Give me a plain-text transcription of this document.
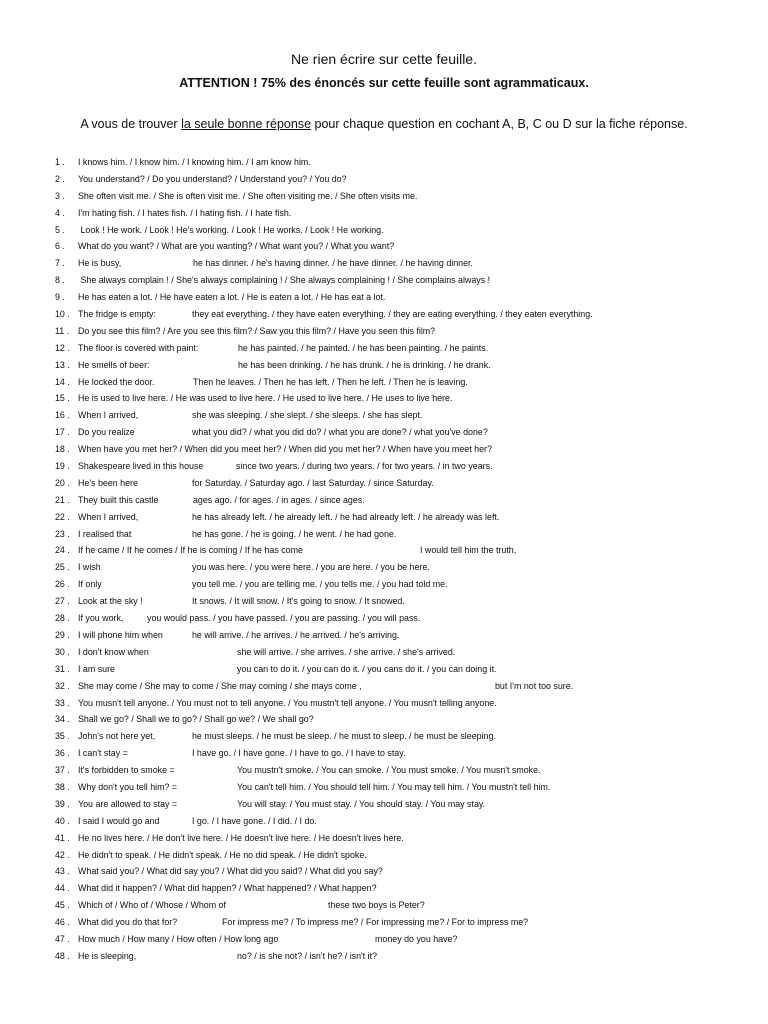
Ne rien écrire sur cette feuille.
ATTENTION ! 75% des énoncés sur cette feuille sont agrammaticaux.
A vous de trouver la seule bonne réponse pour chaque question en cochant A, B, C ou D sur la fiche réponse.
1 . I knows him. / I know him. / I knowing him. / I am know him.
2 . You understand? / Do you understand? / Understand you? / You do?
3 . She often visit me. / She is often visit me. / She often visiting me. / She often visits me.
4 . I'm hating fish. / I hates fish. / I hating fish. / I hate fish.
5 . Look ! He work. / Look ! He's working. / Look ! He works. / Look ! He working.
6 . What do you want? / What are you wanting? / What want you? / What you want?
7 . He is busy,	he has dinner. / he's having dinner. / he have dinner. / he having dinner.
8 . She always complain ! / She's always complaining ! / She always complaining ! / She complains always !
9 . He has eaten a lot. / He have eaten a lot. / He is eaten a lot. / He has eat a lot.
10 . The fridge is empty:	they eat everything. / they have eaten everything. / they are eating everything. / they eaten everything.
11 . Do you see this film? / Are you see this film? / Saw you this film? / Have you seen this film?
12 . The floor is covered with paint:	he has painted. / he painted. / he has been painting. / he paints.
13 . He smells of beer:	he has been drinking. / he has drunk. / he is drinking. / he drank.
14 . He locked the door.	Then he leaves. / Then he has left. / Then he left. / Then he is leaving.
15 . He is used to live here. / He was used to live here. / He used to live here. / He uses to live here.
16 . When I arrived,	she was sleeping. / she slept. / she sleeps. / she has slept.
17 . Do you realize	what you did? / what you did do? / what you are done? / what you've done?
18 . When have you met her? / When did you meet her? / When did you met her? / When have you meet her?
19 . Shakespeare lived in this house	since two years. / during two years. / for two years. / in two years.
20 . He's been here	for Saturday. / Saturday ago. / last Saturday. / since Saturday.
21 . They built this castle	ages ago. / for ages. / in ages. / since ages.
22 . When I arrived,	he has already left. / he already left. / he had already left. / he already was left.
23 . I realised that	he has gone. / he is going. / he went. / he had gone.
24 . If he came / If he comes / If he is coming / If he has come	I would tell him the truth,
25 . I wish	you was here. / you were here. / you are here. / you be here.
26 . If only	you tell me. / you are telling me. / you tells me. / you had told me.
27 . Look at the sky !	It snows. / It will snow. / It's going to snow. / It snowed.
28 . If you work,	you would pass. / you have passed. / you are passing. / you will pass.
29 . I will phone him when	he will arrive. / he arrives. / he arrived. / he's arriving.
30 . I don't know when	she will arrive. / she arrives. / she arrive. / she's arrived.
31 . I am sure	you can to do it. / you can do it. / you cans do it. / you can doing it.
32 . She may come / She may to come / She may coming / she mays come ,	but I'm not too sure.
33 . You musn't tell anyone. / You must not to tell anyone. / You mustn't tell anyone. / You musn't telling anyone.
34 . Shall we go? / Shall we to go? / Shall go we? / We shall go?
35 . John's not here yet,	he must sleeps. / he must be sleep. / he must to sleep. / he must be sleeping.
36 . I can't stay =	I have go. / I have gone. / I have to go. / I have to stay.
37 . It's forbidden to smoke =	You mustn't smoke. / You can smoke. / You must smoke. / You musn't smoke.
38 . Why don't you tell him? =	You can't tell him. / You should tell him. / You may tell him. / You mustn't tell him.
39 . You are allowed to stay =	You will stay. / You must stay. / You should stay. / You may stay.
40 . I said I would go and	I go. / I have gone. / I did. / I do.
41 . He no lives here. / He don't live here. / He doesn't live here. / He doesn't lives here.
42 . He didn't to speak. / He didn't speak. / He no did speak. / He didn't spoke.
43 . What said you? / What did say you? / What did you said? / What did you say?
44 . What did it happen? / What did happen? / What happened? / What happen?
45 . Which of / Who of / Whose / Whom of	these two boys is Peter?
46 . What did you do that for?	For impress me? / To impress me? / For impressing me? / For to impress me?
47 . How much / How many / How often / How long ago	money do you have?
48 . He is sleeping,	no? / is she not? / isn't he? / isn't it?
